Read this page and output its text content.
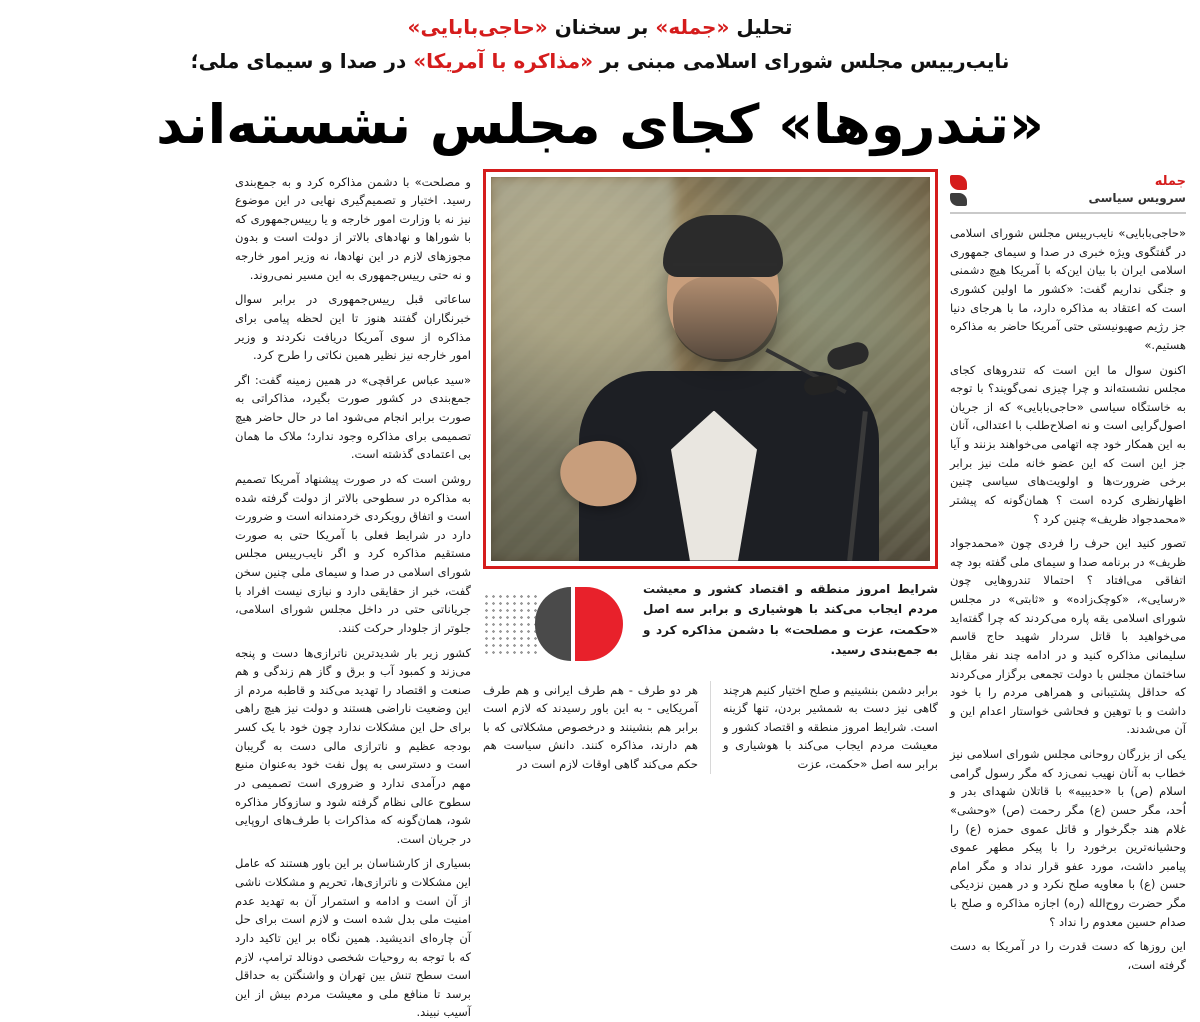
تحلیل «جمله» بر سخنان «حاجی‌بابایی»
نایب‌رییس مجلس شورای اسلامی مبنی بر «مذاکره با آمریکا» در صدا و سیمای ملی؛
«تندروها» کجای مجلس نشسته‌اند
جمله
سرویس سیاسی

«حاجی‌بابایی» نایب‌رییس مجلس شورای اسلامی در گفتگوی ویژه خبری در صدا و سیمای جمهوری اسلامی ایران با بیان این‌که با آمریکا هیچ دشمنی و جنگی نداریم گفت: «کشور ما اولین کشوری است که اعتقاد به مذاکره دارد، ما با هرجای دنیا جز رژیم صهیونیستی حتی آمریکا حاضر به مذاکره هستیم.»

اکنون سوال ما این است که تندروهای کجای مجلس نشسته‌اند و چرا چیزی نمی‌گویند؟ با توجه به خاستگاه سیاسی «حاجی‌بابایی» که از جریان اصول‌گرایی است و نه اصلاح‌طلب با اعتدالی، آنان به این همکار خود چه اتهامی می‌خواهند بزنند و آیا جز این است که این عضو خانه ملت نیز برابر برخی ضرورت‌ها و اولویت‌های سیاسی چنین اظهارنظری کرده است ؟ همان‌گونه که پیشتر «محمدجواد ظریف» چنین کرد ؟

تصور کنید این حرف را فردی چون «محمدجواد ظریف» در برنامه صدا و سیمای ملی گفته بود چه اتفاقی می‌افتاد ؟ احتمالا تندروهایی چون «رسایی»، «کوچک‌زاده» و «ثابتی» در مجلس شورای اسلامی یقه پاره می‌کردند که چرا گفته‌اید می‌خواهید با قاتل سردار شهید حاج قاسم سلیمانی مذاکره کنید و در ادامه چند نفر مقابل ساختمان مجلس با دولت تجمعی برگزار می‌کردند که حداقل پشتیبانی و همراهی مردم را با خود داشت و با توهین و فحاشی خواستار اعدام این و آن می‌شدند.

یکی از بزرگان روحانی مجلس شورای اسلامی نیز خطاب به آنان نهیب نمی‌زد که مگر رسول گرامی اسلام (ص) با «حدیبیه» با قاتلان شهدای بدر و اُحد، مگر حسن (ع) مگر رحمت (ص) «وحشی» غلام هند جگرخوار و قاتل عموی حمزه (ع) را وحشیانه‌ترین برخورد را با پیکر مطهر عموی پیامبر داشت، مورد عفو قرار نداد و مگر امام حسن (ع) با معاویه صلح نکرد و در همین نزدیکی مگر حضرت روح‌الله (ره) اجازه مذاکره و صلح با صدام حسین معدوم را نداد ؟

این روزها که دست قدرت را در آمریکا به دست گرفته است،

شرایط امروز منطقه و اقتصاد کشور و معیشت مردم ایجاب می‌کند با هوشیاری و برابر سه اصل «حکمت، عزت و مصلحت» با دشمن مذاکره کرد و به جمع‌بندی رسید.
برابر دشمن بنشینیم و صلح اختیار کنیم هرچند گاهی نیز دست به شمشیر بردن، تنها گزینه است. شرایط امروز منطقه و اقتصاد کشور و معیشت مردم ایجاب می‌کند با هوشیاری و برابر سه اصل «حکمت، عزت
هر دو طرف - هم طرف ایرانی و هم طرف آمریکایی - به این باور رسیدند که لازم است برابر هم بنشینند و درخصوص مشکلاتی که با هم دارند، مذاکره کنند. دانش سیاست هم حکم می‌کند گاهی اوقات لازم است در

و مصلحت» با دشمن مذاکره کرد و به جمع‌بندی رسید. اختیار و تصمیم‌گیری نهایی در این موضوع نیز نه با وزارت امور خارجه و یا رییس‌جمهوری که با شوراها و نهادهای بالاتر از دولت است و بدون مجوزهای لازم در این نهادها، نه وزیر امور خارجه و نه حتی رییس‌جمهوری به این مسیر نمی‌روند.

ساعاتی قبل رییس‌جمهوری در برابر سوال خبرنگاران گفتند هنوز تا این لحظه پیامی برای مذاکره از سوی آمریکا دریافت نکردند و وزیر امور خارجه نیز نظیر همین نکاتی را طرح کرد.

«سید عباس عراقچی» در همین زمینه گفت: اگر جمع‌بندی در کشور صورت بگیرد، مذاکراتی به صورت برابر انجام می‌شود اما در حال حاضر هیچ تصمیمی برای مذاکره وجود ندارد؛ ملاک ما همان بی اعتمادی گذشته است.

روشن است که در صورت پیشنهاد آمریکا تصمیم به مذاکره در سطوحی بالاتر از دولت گرفته شده است و اتفاق رویکردی خردمندانه است و ضرورت دارد در شرایط فعلی با آمریکا حتی به صورت مستقیم مذاکره کرد و اگر نایب‌رییس مجلس شورای اسلامی در صدا و سیمای ملی چنین سخن گفت، خبر از حقایقی دارد و نیازی نیست افراد با جریاناتی حتی در داخل مجلس شورای اسلامی، جلوتر از جلودار حرکت کنند.

کشور زیر بار شدیدترین ناترازی‌ها دست و پنجه می‌زند و کمبود آب و برق و گاز هم زندگی و هم صنعت و اقتصاد را تهدید می‌کند و قاطبه مردم از این وضعیت ناراضی هستند و دولت نیز هیچ راهی برای حل این مشکلات ندارد چون خود با یک کسر بودجه عظیم و ناترازی مالی دست به گریبان است و دسترسی به پول نفت خود به‌عنوان منبع مهم درآمدی ندارد و ضروری است تصمیمی در سطوح عالی نظام گرفته شود و سازوکار مذاکره شود، همان‌گونه که مذاکرات با طرف‌های اروپایی در جریان است.

بسیاری از کارشناسان بر این باور هستند که عامل این مشکلات و ناترازی‌ها، تحریم و مشکلات ناشی از آن است و ادامه و استمرار آن به تهدید عدم امنیت ملی بدل شده است و لازم است برای حل آن چاره‌ای اندیشید. همین نگاه بر این تاکید دارد که با توجه به روحیات شخصی دونالد ترامپ، لازم است سطح تنش بین تهران و واشنگتن به حداقل برسد تا منافع ملی و معیشت مردم بیش از این آسیب نبیند.
